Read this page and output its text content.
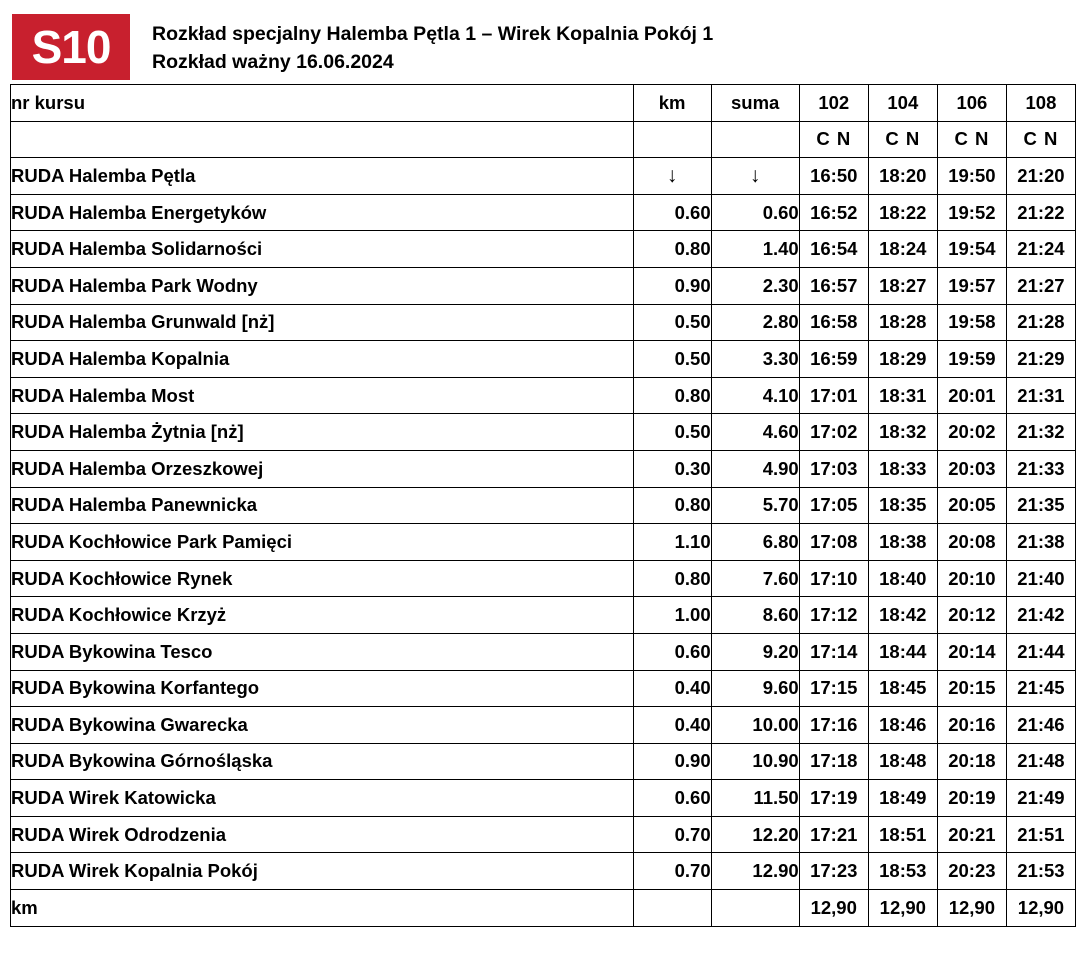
S10	Rozkład specjalny Halemba Pętla 1 – Wirek Kopalnia Pokój 1
Rozkład ważny 16.06.2024
nr kursu	km	suma	102	104	106	108
			C N	C N	C N	C N
RUDA Halemba Pętla	↓	↓	16:50	18:20	19:50	21:20
RUDA Halemba Energetyków	0.60	0.60	16:52	18:22	19:52	21:22
RUDA Halemba Solidarności	0.80	1.40	16:54	18:24	19:54	21:24
RUDA Halemba Park Wodny	0.90	2.30	16:57	18:27	19:57	21:27
RUDA Halemba Grunwald [nż]	0.50	2.80	16:58	18:28	19:58	21:28
RUDA Halemba Kopalnia	0.50	3.30	16:59	18:29	19:59	21:29
RUDA Halemba Most	0.80	4.10	17:01	18:31	20:01	21:31
RUDA Halemba Żytnia [nż]	0.50	4.60	17:02	18:32	20:02	21:32
RUDA Halemba Orzeszkowej	0.30	4.90	17:03	18:33	20:03	21:33
RUDA Halemba Panewnicka	0.80	5.70	17:05	18:35	20:05	21:35
RUDA Kochłowice Park Pamięci	1.10	6.80	17:08	18:38	20:08	21:38
RUDA Kochłowice Rynek	0.80	7.60	17:10	18:40	20:10	21:40
RUDA Kochłowice Krzyż	1.00	8.60	17:12	18:42	20:12	21:42
RUDA Bykowina Tesco	0.60	9.20	17:14	18:44	20:14	21:44
RUDA Bykowina Korfantego	0.40	9.60	17:15	18:45	20:15	21:45
RUDA Bykowina Gwarecka	0.40	10.00	17:16	18:46	20:16	21:46
RUDA Bykowina Górnośląska	0.90	10.90	17:18	18:48	20:18	21:48
RUDA Wirek Katowicka	0.60	11.50	17:19	18:49	20:19	21:49
RUDA Wirek Odrodzenia	0.70	12.20	17:21	18:51	20:21	21:51
RUDA Wirek Kopalnia Pokój	0.70	12.90	17:23	18:53	20:23	21:53
km			12,90	12,90	12,90	12,90
